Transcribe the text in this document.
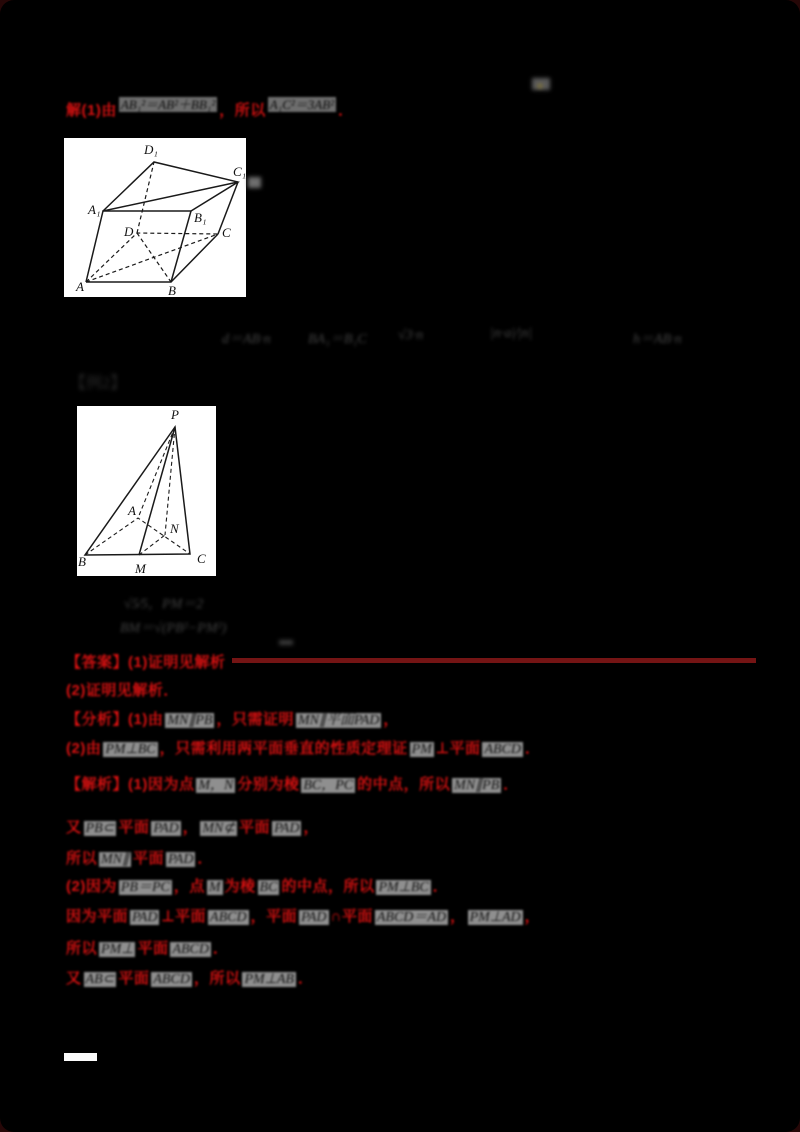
解(1)由 AB₁²＝AB²＋BB₁² ，所以 A₁C²＝3AB² ．
A	B
C
D
A₁
B₁
C₁
D₁
d＝AB·n	BA₁＝B₁C √3·n	|n·a|∕|n|	h＝AB·n
【例2】
P
B	C
M
A
N
√5∕5，PM＝2
BM＝√(PB²−PM²)
【答案】(1)证明见解析
(2)证明见解析．
【分析】(1)由 MN∥PB ，只需证明 MN∥平面PAD ，
(2)由 PM⊥BC ，只需利用两平面垂直的性质定理证 PM ⊥平面 ABCD ．
【解析】(1)因为点 M，N 分别为棱 BC，PC 的中点，所以 MN∥PB ．
又 PB⊂ 平面 PAD ， MN⊄ 平面 PAD ，
所以 MN∥ 平面 PAD ．
(2)因为 PB＝PC ，点 M 为棱 BC 的中点，所以 PM⊥BC ．
因为平面 PAD ⊥平面 ABCD ，平面 PAD ∩平面 ABCD＝AD ， PM⊥AD ，
所以 PM⊥ 平面 ABCD ．
又 AB⊂ 平面 ABCD ，所以 PM⊥AB ．
